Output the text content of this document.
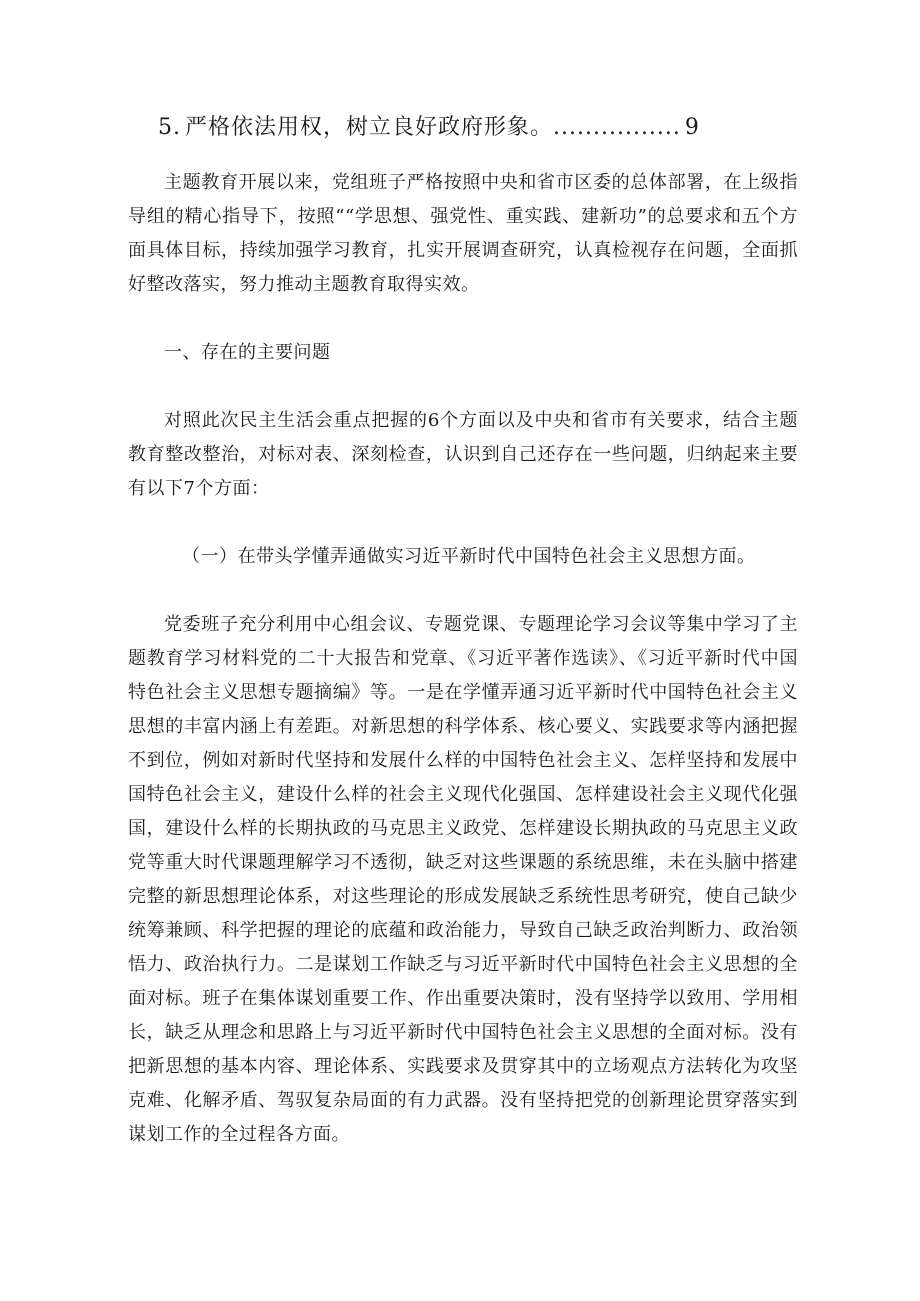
5. 严格依法用权，树立良好政府形象。................ 9

主题教育开展以来，党组班子严格按照中央和省市区委的总体部署，在上级指导组的精心指导下，按照““学思想、强党性、重实践、建新功”的总要求和五个方面具体目标，持续加强学习教育，扎实开展调查研究，认真检视存在问题，全面抓好整改落实，努力推动主题教育取得实效。

一、存在的主要问题

对照此次民主生活会重点把握的6个方面以及中央和省市有关要求，结合主题教育整改整治，对标对表、深刻检查，认识到自己还存在一些问题，归纳起来主要有以下7个方面：

（一）在带头学懂弄通做实习近平新时代中国特色社会主义思想方面。

党委班子充分利用中心组会议、专题党课、专题理论学习会议等集中学习了主题教育学习材料党的二十大报告和党章、《习近平著作选读》、《习近平新时代中国特色社会主义思想专题摘编》等。一是在学懂弄通习近平新时代中国特色社会主义思想的丰富内涵上有差距。对新思想的科学体系、核心要义、实践要求等内涵把握不到位，例如对新时代坚持和发展什么样的中国特色社会主义、怎样坚持和发展中国特色社会主义，建设什么样的社会主义现代化强国、怎样建设社会主义现代化强国，建设什么样的长期执政的马克思主义政党、怎样建设长期执政的马克思主义政党等重大时代课题理解学习不透彻，缺乏对这些课题的系统思维，未在头脑中搭建完整的新思想理论体系，对这些理论的形成发展缺乏系统性思考研究，使自己缺少统筹兼顾、科学把握的理论的底蕴和政治能力，导致自己缺乏政治判断力、政治领悟力、政治执行力。二是谋划工作缺乏与习近平新时代中国特色社会主义思想的全面对标。班子在集体谋划重要工作、作出重要决策时，没有坚持学以致用、学用相长，缺乏从理念和思路上与习近平新时代中国特色社会主义思想的全面对标。没有把新思想的基本内容、理论体系、实践要求及贯穿其中的立场观点方法转化为攻坚克难、化解矛盾、驾驭复杂局面的有力武器。没有坚持把党的创新理论贯穿落实到谋划工作的全过程各方面。
